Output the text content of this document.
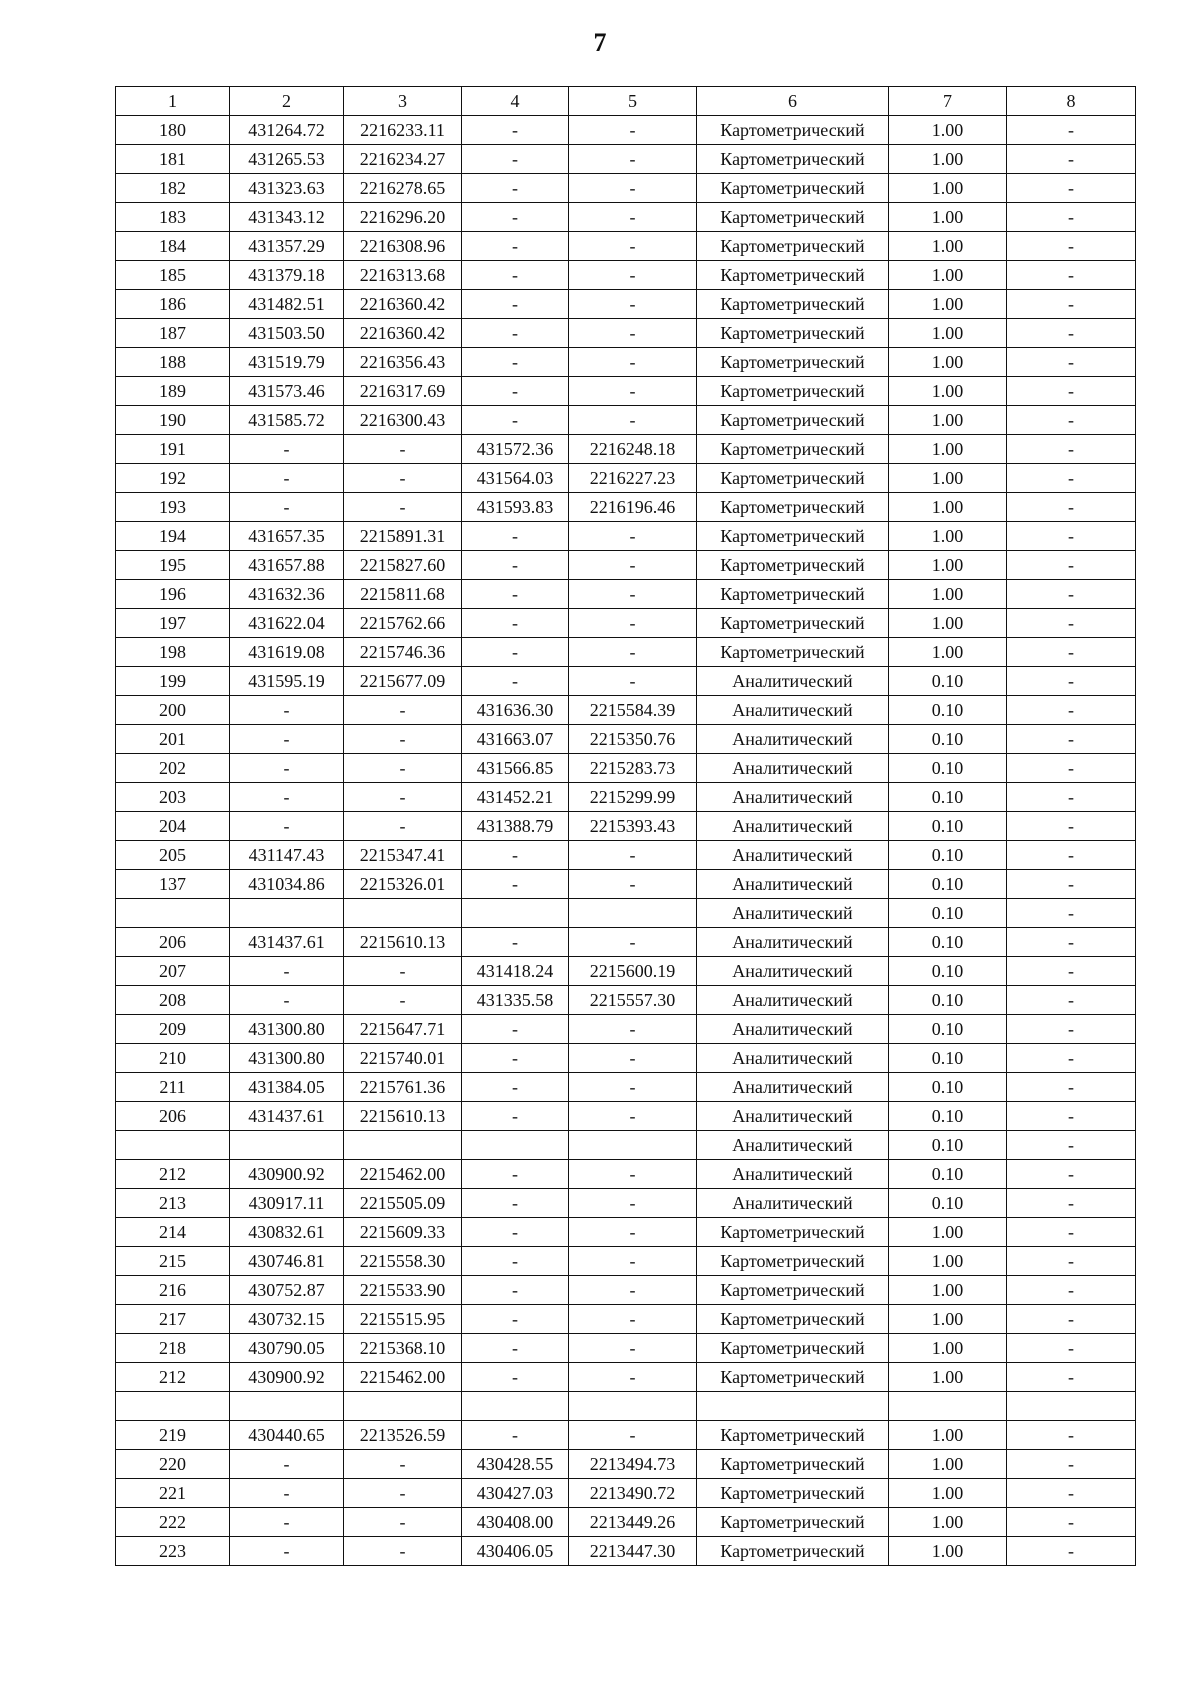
7
1	2	3	4	5	6	7	8
180	431264.72	2216233.11	-	-	Картометрический	1.00	-
181	431265.53	2216234.27	-	-	Картометрический	1.00	-
182	431323.63	2216278.65	-	-	Картометрический	1.00	-
183	431343.12	2216296.20	-	-	Картометрический	1.00	-
184	431357.29	2216308.96	-	-	Картометрический	1.00	-
185	431379.18	2216313.68	-	-	Картометрический	1.00	-
186	431482.51	2216360.42	-	-	Картометрический	1.00	-
187	431503.50	2216360.42	-	-	Картометрический	1.00	-
188	431519.79	2216356.43	-	-	Картометрический	1.00	-
189	431573.46	2216317.69	-	-	Картометрический	1.00	-
190	431585.72	2216300.43	-	-	Картометрический	1.00	-
191	-	-	431572.36	2216248.18	Картометрический	1.00	-
192	-	-	431564.03	2216227.23	Картометрический	1.00	-
193	-	-	431593.83	2216196.46	Картометрический	1.00	-
194	431657.35	2215891.31	-	-	Картометрический	1.00	-
195	431657.88	2215827.60	-	-	Картометрический	1.00	-
196	431632.36	2215811.68	-	-	Картометрический	1.00	-
197	431622.04	2215762.66	-	-	Картометрический	1.00	-
198	431619.08	2215746.36	-	-	Картометрический	1.00	-
199	431595.19	2215677.09	-	-	Аналитический	0.10	-
200	-	-	431636.30	2215584.39	Аналитический	0.10	-
201	-	-	431663.07	2215350.76	Аналитический	0.10	-
202	-	-	431566.85	2215283.73	Аналитический	0.10	-
203	-	-	431452.21	2215299.99	Аналитический	0.10	-
204	-	-	431388.79	2215393.43	Аналитический	0.10	-
205	431147.43	2215347.41	-	-	Аналитический	0.10	-
137	431034.86	2215326.01	-	-	Аналитический	0.10	-
					Аналитический	0.10	-
206	431437.61	2215610.13	-	-	Аналитический	0.10	-
207	-	-	431418.24	2215600.19	Аналитический	0.10	-
208	-	-	431335.58	2215557.30	Аналитический	0.10	-
209	431300.80	2215647.71	-	-	Аналитический	0.10	-
210	431300.80	2215740.01	-	-	Аналитический	0.10	-
211	431384.05	2215761.36	-	-	Аналитический	0.10	-
206	431437.61	2215610.13	-	-	Аналитический	0.10	-
					Аналитический	0.10	-
212	430900.92	2215462.00	-	-	Аналитический	0.10	-
213	430917.11	2215505.09	-	-	Аналитический	0.10	-
214	430832.61	2215609.33	-	-	Картометрический	1.00	-
215	430746.81	2215558.30	-	-	Картометрический	1.00	-
216	430752.87	2215533.90	-	-	Картометрический	1.00	-
217	430732.15	2215515.95	-	-	Картометрический	1.00	-
218	430790.05	2215368.10	-	-	Картометрический	1.00	-
212	430900.92	2215462.00	-	-	Картометрический	1.00	-

219	430440.65	2213526.59	-	-	Картометрический	1.00	-
220	-	-	430428.55	2213494.73	Картометрический	1.00	-
221	-	-	430427.03	2213490.72	Картометрический	1.00	-
222	-	-	430408.00	2213449.26	Картометрический	1.00	-
223	-	-	430406.05	2213447.30	Картометрический	1.00	-
